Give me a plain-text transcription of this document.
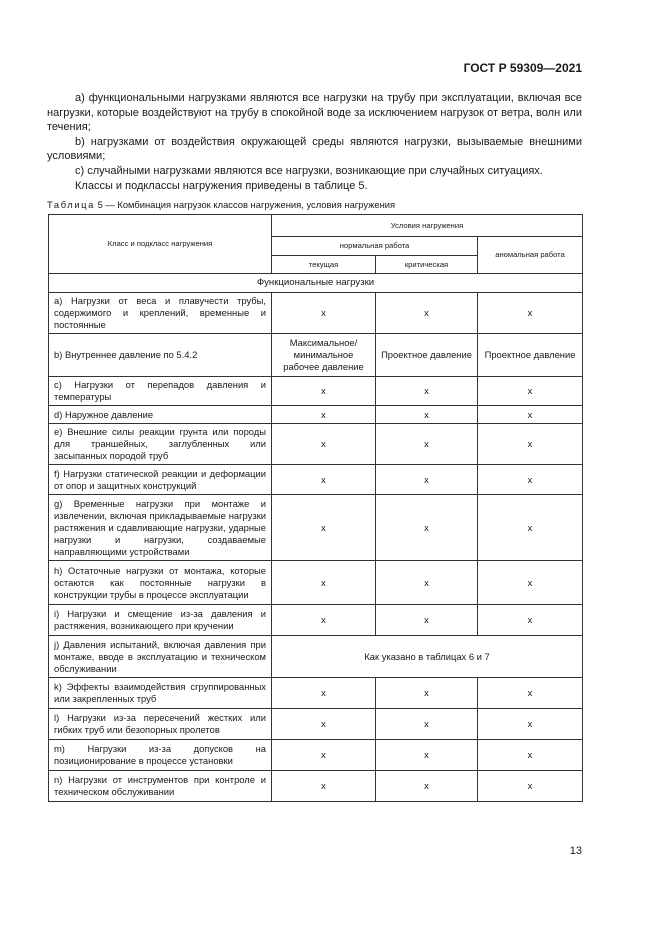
ГОСТ Р 59309—2021

a) функциональными нагрузками являются все нагрузки на трубу при эксплуатации, включая все нагрузки, которые воздействуют на трубу в спокойной воде за исключением нагрузок от ветра, волн или течения;

b) нагрузками от воздействия окружающей среды являются нагрузки, вызываемые внешними условиями;

c) случайными нагрузками являются все нагрузки, возникающие при случайных ситуациях.

Классы и подклассы нагружения приведены в таблице 5.

Таблица 5 — Комбинация нагрузок классов нагружения, условия нагружения
Класс и подкласс нагружения	Условия нагружения		
	нормальная работа		аномальная работа
	текущая	критическая	
Функциональные нагрузки			
a) Нагрузки от веса и плавучести трубы, содержимого и креплений, временные и постоянные	x	x	x
b) Внутреннее давление по 5.4.2	Максимальное/ минимальное рабочее давление	Проектное давление	Проектное давление
c) Нагрузки от перепадов давления и температуры	x	x	x
d) Наружное давление	x	x	x
e) Внешние силы реакции грунта или породы для траншейных, заглубленных или засыпанных породой труб	x	x	x
f) Нагрузки статической реакции и деформации от опор и защитных конструкций	x	x	x
g) Временные нагрузки при монтаже и извлечении, включая прикладываемые нагрузки растяжения и сдавливающие нагрузки, ударные нагрузки и нагрузки, создаваемые направляющими устройствами	x	x	x
h) Остаточные нагрузки от монтажа, которые остаются как постоянные нагрузки в конструкции трубы в процессе эксплуатации	x	x	x
i) Нагрузки и смещение из-за давления и растяжения, возникающего при кручении	x	x	x
j) Давления испытаний, включая давления при монтаже, вводе в эксплуатацию и техническом обслуживании	Как указано в таблицах 6 и 7		
k) Эффекты взаимодействия сгруппированных или закрепленных труб	x	x	x
l) Нагрузки из-за пересечений жестких или гибких труб или безопорных пролетов	x	x	x
m) Нагрузки из-за допусков на позиционирование в процессе установки	x	x	x
n) Нагрузки от инструментов при контроле и техническом обслуживании	x	x	x
13
